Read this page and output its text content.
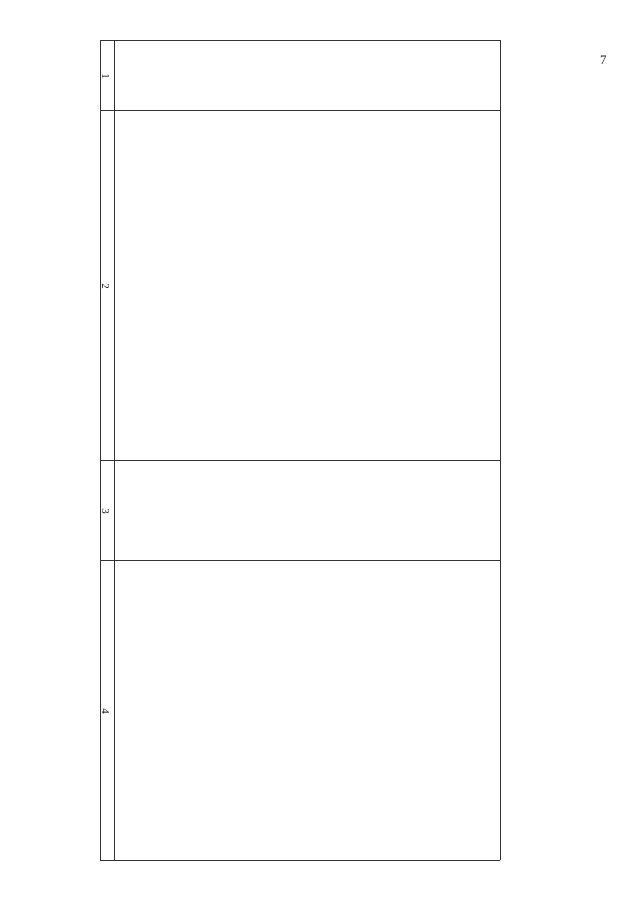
7
1
2
3
4
